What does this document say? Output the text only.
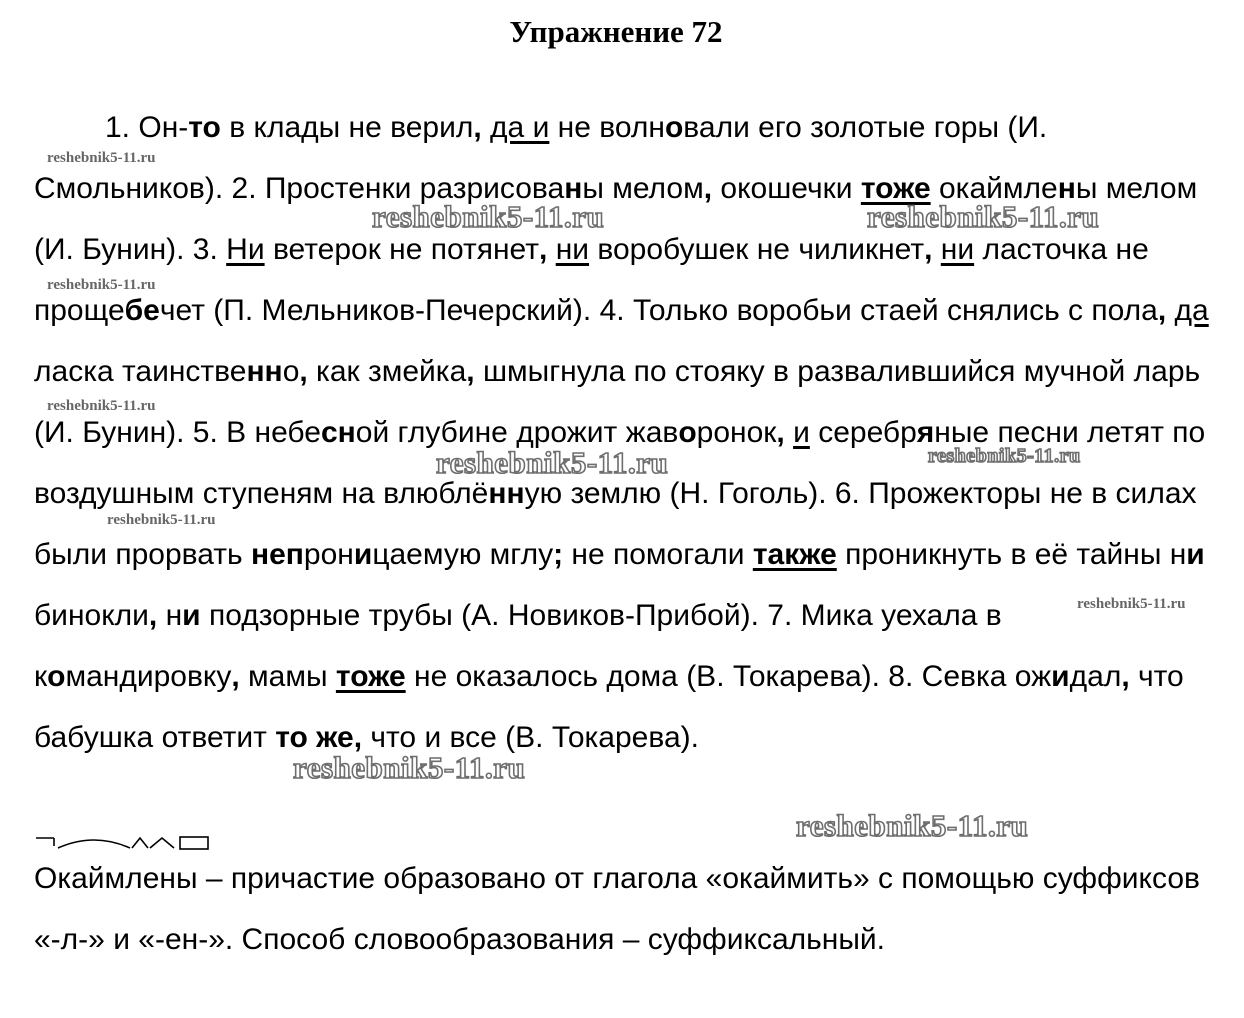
Упражнение 72

1. Он-то в клады не верил, да и не волновали его золотые горы (И. Смольников). 2. Простенки разрисованы мелом, окошечки тоже окаймлены мелом (И. Бунин). 3. Ни ветерок не потянет, ни воробушек не чиликнет, ни ласточка не прощебечет (П. Мельников-Печерский). 4. Только воробьи стаей снялись с пола, да ласка таинственно, как змейка, шмыгнула по стояку в развалившийся мучной ларь (И. Бунин). 5. В небесной глубине дрожит жаворонок, и серебряные песни летят по воздушным ступеням на влюблённую землю (Н. Гоголь). 6. Прожекторы не в силах были прорвать непроницаемую мглу; не помогали также проникнуть в её тайны ни бинокли, ни подзорные трубы (А. Новиков-Прибой). 7. Мика уехала в командировку, мамы тоже не оказалось дома (В. Токарева). 8. Севка ожидал, что бабушка ответит то же, что и все (В. Токарева).

Окаймлены – причастие образовано от глагола «окаймить» с помощью суффиксов «-л-» и «-ен-». Способ словообразования – суффиксальный.

reshebnik5-11.ru
reshebnik5-11.ru
reshebnik5-11.ru
reshebnik5-11.ru
reshebnik5-11.ru
reshebnik5-11.ru	reshebnik5-11.ru
reshebnik5-11.ru	reshebnik5-11.ru
reshebnik5-11.ru
reshebnik5-11.ru
